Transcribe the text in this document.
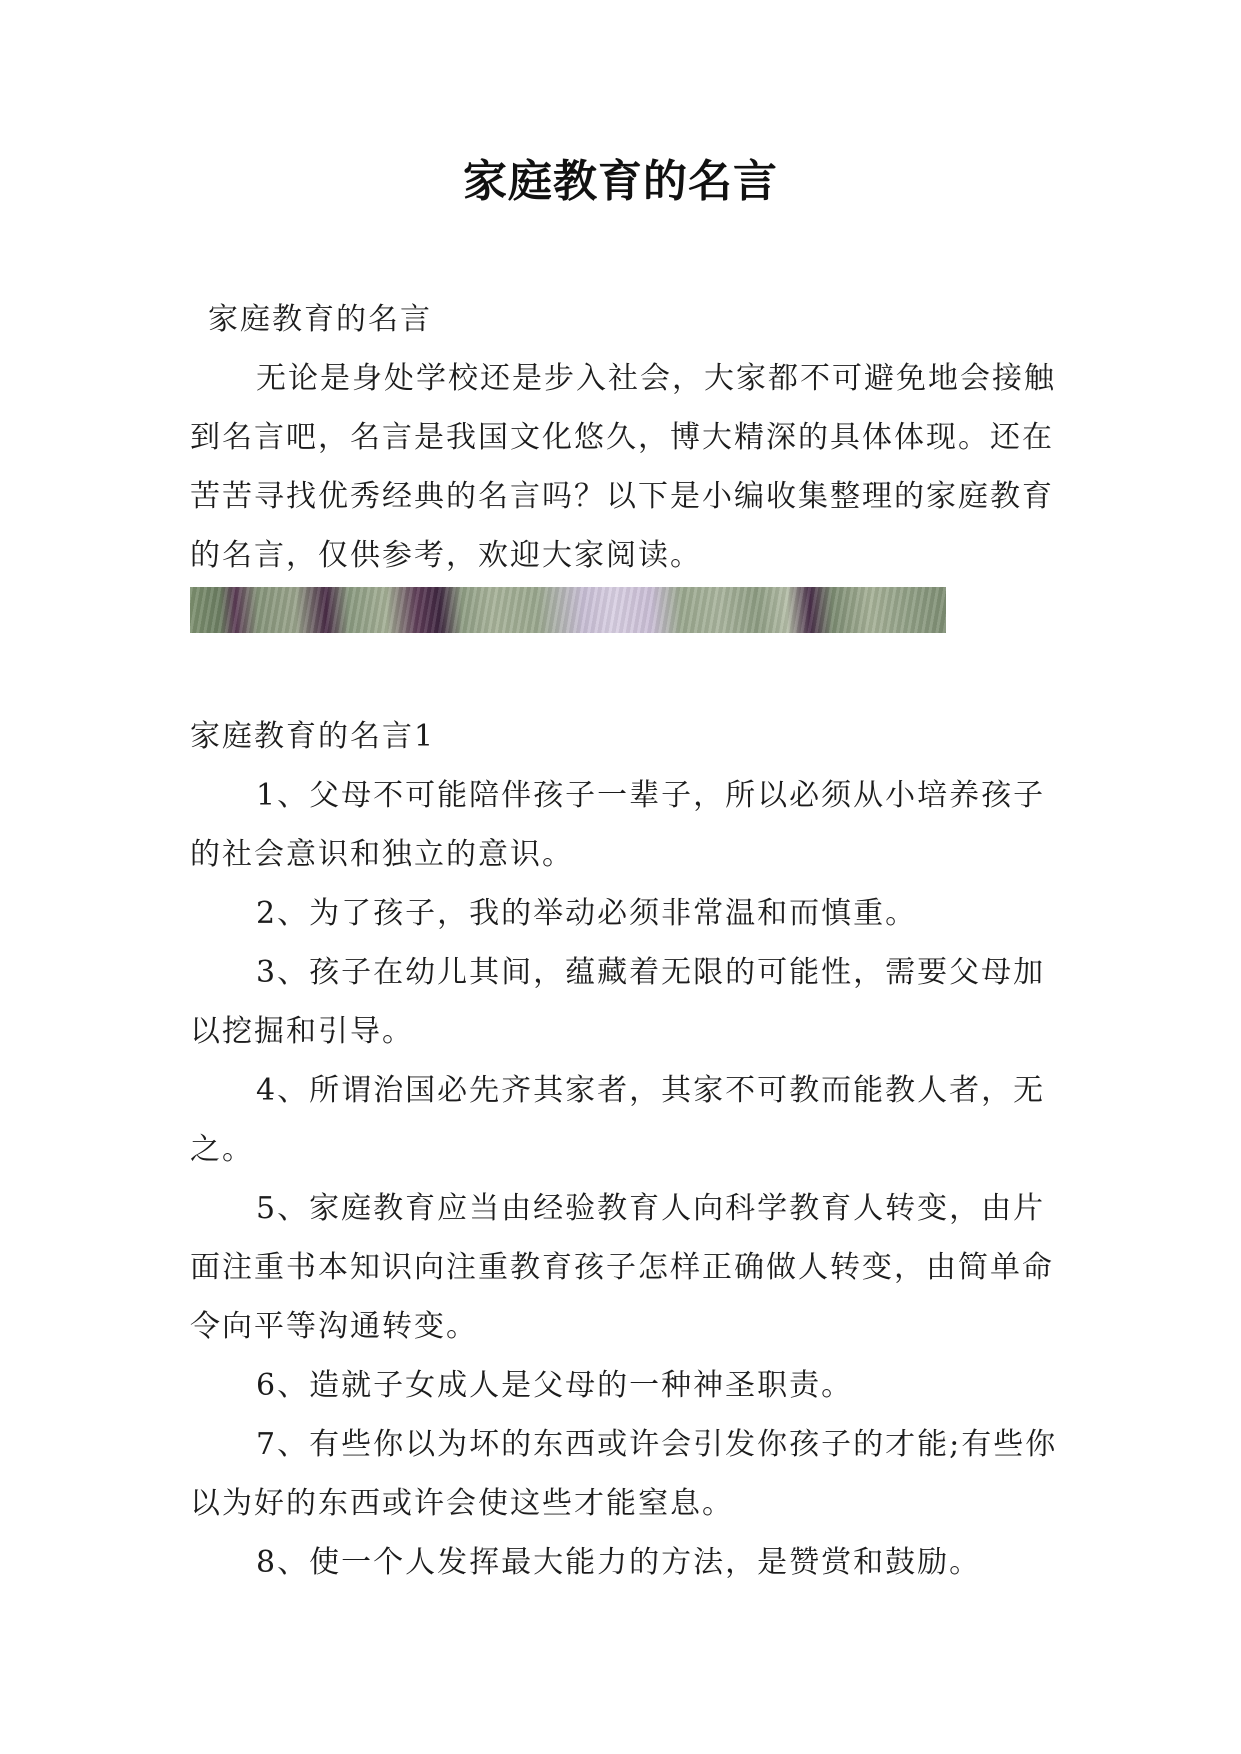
家庭教育的名言

家庭教育的名言

无论是身处学校还是步入社会，大家都不可避免地会接触到名言吧，名言是我国文化悠久，博大精深的具体体现。还在苦苦寻找优秀经典的名言吗？以下是小编收集整理的家庭教育的名言，仅供参考，欢迎大家阅读。

家庭教育的名言1

1、父母不可能陪伴孩子一辈子，所以必须从小培养孩子的社会意识和独立的意识。

2、为了孩子，我的举动必须非常温和而慎重。

3、孩子在幼儿其间，蕴藏着无限的可能性，需要父母加以挖掘和引导。

4、所谓治国必先齐其家者，其家不可教而能教人者，无之。

5、家庭教育应当由经验教育人向科学教育人转变，由片面注重书本知识向注重教育孩子怎样正确做人转变，由简单命令向平等沟通转变。

6、造就子女成人是父母的一种神圣职责。

7、有些你以为坏的东西或许会引发你孩子的才能;有些你以为好的东西或许会使这些才能窒息。

8、使一个人发挥最大能力的方法，是赞赏和鼓励。
